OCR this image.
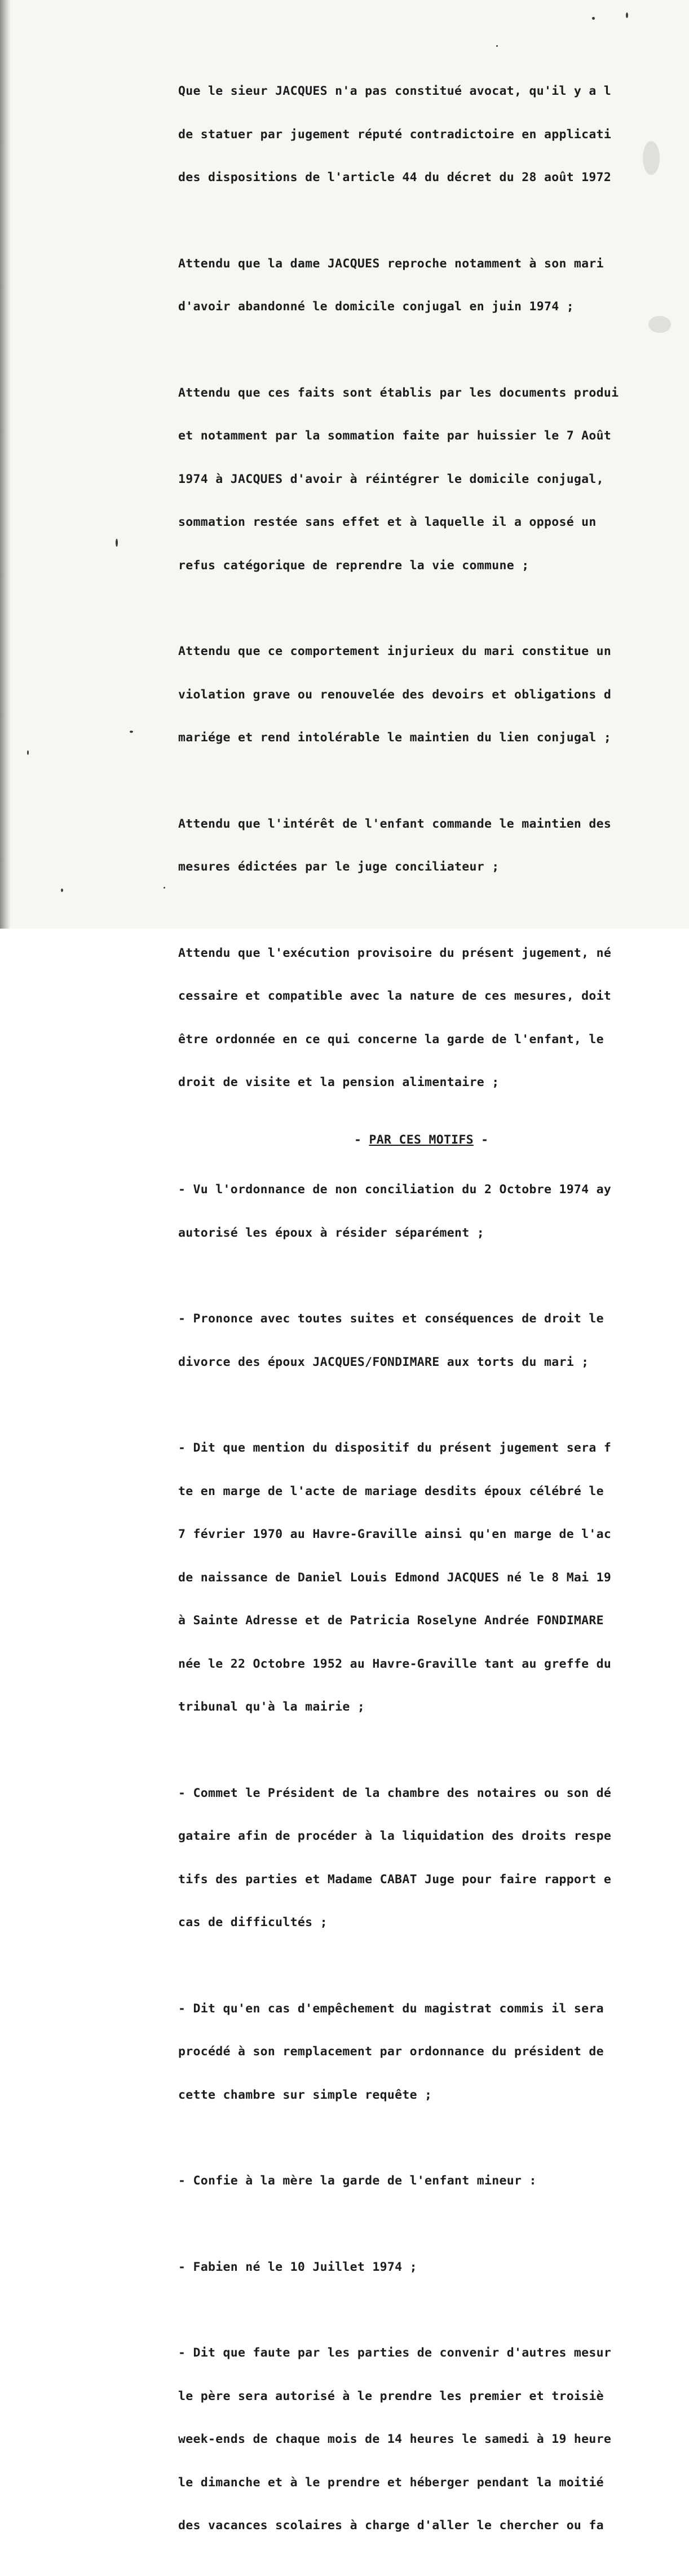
Que le sieur JACQUES n'a pas constitué avocat, qu'il y a l

de statuer par jugement réputé contradictoire en applicati

des dispositions de l'article 44 du décret du 28 août 1972

Attendu que la dame JACQUES reproche notamment à son mari

d'avoir abandonné le domicile conjugal en juin 1974 ;

Attendu que ces faits sont établis par les documents produi

et notamment par la sommation faite par huissier le 7 Août

1974 à JACQUES d'avoir à réintégrer le domicile conjugal,

sommation restée sans effet et à laquelle il a opposé un

refus catégorique de reprendre la vie commune ;

Attendu que ce comportement injurieux du mari constitue un

violation grave ou renouvelée des devoirs et obligations d

mariége et rend intolérable le maintien du lien conjugal ;

Attendu que l'intérêt de l'enfant commande le maintien des

mesures édictées par le juge conciliateur ;

Attendu que l'exécution provisoire du présent jugement, né

cessaire et compatible avec la nature de ces mesures, doit

être ordonnée en ce qui concerne la garde de l'enfant, le

droit de visite et la pension alimentaire ;

- PAR CES MOTIFS -

- Vu l'ordonnance de non conciliation du 2 Octobre 1974 ay

autorisé les époux à résider séparément ;

- Prononce avec toutes suites et conséquences de droit le

divorce des époux JACQUES/FONDIMARE aux torts du mari ;

- Dit que mention du dispositif du présent jugement sera f

te en marge de l'acte de mariage desdits époux célébré le

7 février 1970 au Havre-Graville ainsi qu'en marge de l'ac

de naissance de Daniel Louis Edmond JACQUES né le 8 Mai 19

à Sainte Adresse et de Patricia Roselyne Andrée FONDIMARE

née le 22 Octobre 1952 au Havre-Graville tant au greffe du

tribunal qu'à la mairie ;

- Commet le Président de la chambre des notaires ou son dé

gataire afin de procéder à la liquidation des droits respe

tifs des parties et Madame CABAT Juge pour faire rapport e

cas de difficultés ;

- Dit qu'en cas d'empêchement du magistrat commis il sera

procédé à son remplacement par ordonnance du président de

cette chambre sur simple requête ;

- Confie à la mère la garde de l'enfant mineur :

- Fabien né le 10 Juillet 1974 ;

- Dit que faute par les parties de convenir d'autres mesur

le père sera autorisé à le prendre les premier et troisiè

week-ends de chaque mois de 14 heures le samedi à 19 heure

le dimanche et à le prendre et héberger pendant la moitié

des vacances scolaires à charge d'aller le chercher ou fa
